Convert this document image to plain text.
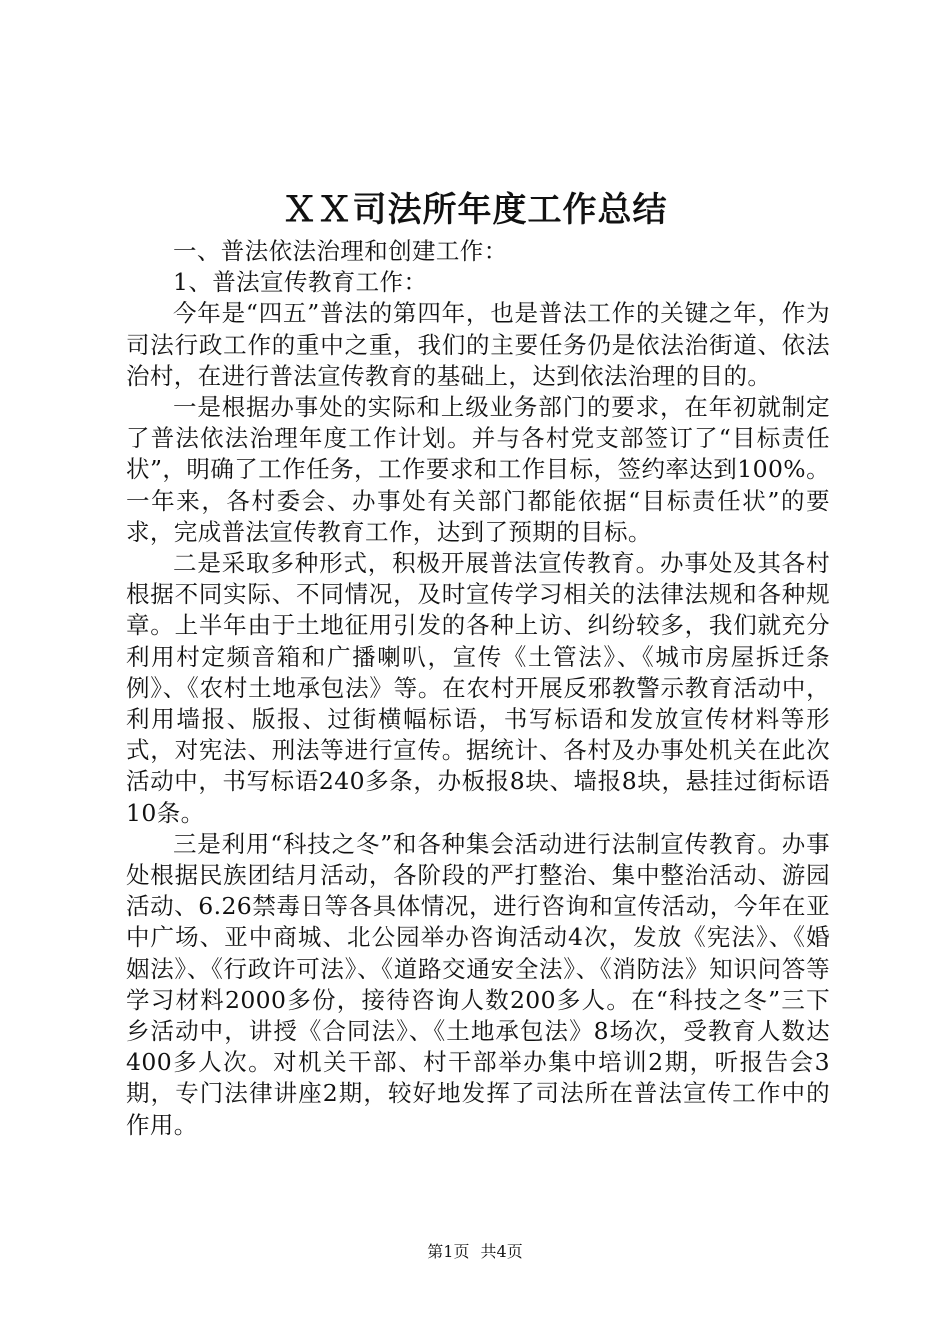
ＸＸ司法所年度工作总结

一、普法依法治理和创建工作：

1、普法宣传教育工作：

今年是“四五”普法的第四年，也是普法工作的关键之年，作为司法行政工作的重中之重，我们的主要任务仍是依法治街道、依法治村，在进行普法宣传教育的基础上，达到依法治理的目的。

一是根据办事处的实际和上级业务部门的要求，在年初就制定了普法依法治理年度工作计划。并与各村党支部签订了“目标责任状”，明确了工作任务，工作要求和工作目标，签约率达到100%。一年来，各村委会、办事处有关部门都能依据“目标责任状”的要求，完成普法宣传教育工作，达到了预期的目标。

二是采取多种形式，积极开展普法宣传教育。办事处及其各村根据不同实际、不同情况，及时宣传学习相关的法律法规和各种规章。上半年由于土地征用引发的各种上访、纠纷较多，我们就充分利用村定频音箱和广播喇叭，宣传《土管法》、《城市房屋拆迁条例》、《农村土地承包法》等。在农村开展反邪教警示教育活动中，利用墙报、版报、过街横幅标语，书写标语和发放宣传材料等形式，对宪法、刑法等进行宣传。据统计、各村及办事处机关在此次活动中，书写标语240多条，办板报8块、墙报8块，悬挂过街标语10条。

三是利用“科技之冬”和各种集会活动进行法制宣传教育。办事处根据民族团结月活动，各阶段的严打整治、集中整治活动、游园活动、6.26禁毒日等各具体情况，进行咨询和宣传活动，今年在亚中广场、亚中商城、北公园举办咨询活动4次，发放《宪法》、《婚姻法》、《行政许可法》、《道路交通安全法》、《消防法》知识问答等学习材料2000多份，接待咨询人数200多人。在“科技之冬”三下乡活动中，讲授《合同法》、《土地承包法》8场次，受教育人数达400多人次。对机关干部、村干部举办集中培训2期，听报告会3期，专门法律讲座2期，较好地发挥了司法所在普法宣传工作中的作用。

第1页 共4页
